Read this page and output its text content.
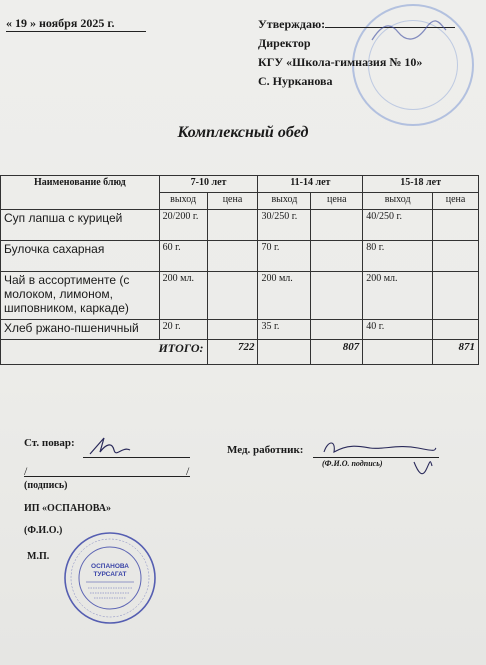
« 19 » ноября 2025 г.	Утверждаю:
Директор
КГУ «Школа-гимназия № 10»
С. Нуркановa
Комплексный обед
Наименование блюд	7-10 лет		11-14 лет		15-18 лет	
	выход	цена	выход	цена	выход	цена
Суп лапша с курицей	20/200 г.		30/250 г.		40/250 г.	
Булочка сахарная	60 г.		70 г.		80 г.	
Чай в ассортименте (с молоком, лимоном, шиповником, каркаде)	200 мл.		200 мл.		200 мл.	
Хлеб ржано-пшеничный	20 г.		35 г.		40 г.	
ИТОГО:		722		807		871
Ст. повар:
/	/
(подпись)
ИП «ОСПАНОВА»
(Ф.И.О.)
М.П.
Мед. работник:
(Ф.И.О. подпись)
ОСПАНОВА
ТУРСАГАТ
